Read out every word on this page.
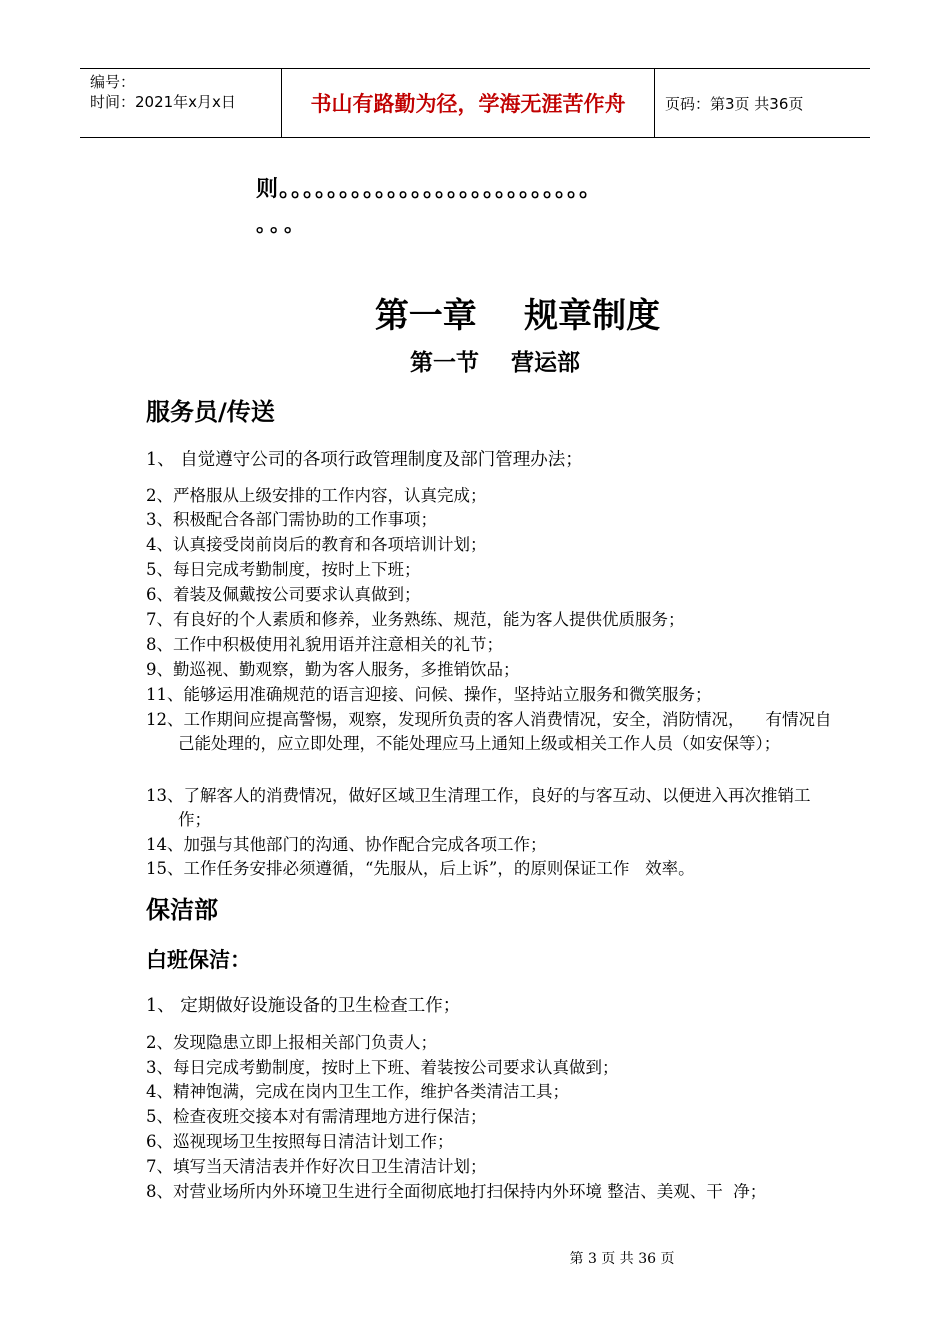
编号：
时间：2021年x月x日	书山有路勤为径，学海无涯苦作舟	页码：第3页 共36页
则。。。。。。。。。。。。。。。。。。。。。。。。。。
。。。
第一章    规章制度
第一节    营运部
服务员/传送
1、 自觉遵守公司的各项行政管理制度及部门管理办法；
2、严格服从上级安排的工作内容，认真完成；
3、积极配合各部门需协助的工作事项；
4、认真接受岗前岗后的教育和各项培训计划；
5、每日完成考勤制度，按时上下班；
6、着装及佩戴按公司要求认真做到；
7、有良好的个人素质和修养，业务熟练、规范，能为客人提供优质服务；
8、工作中积极使用礼貌用语并注意相关的礼节；
9、勤巡视、勤观察，勤为客人服务，多推销饮品；
11、能够运用准确规范的语言迎接、问候、操作，坚持站立服务和微笑服务；
12、工作期间应提高警惕，观察，发现所负责的客人消费情况，安全，消防情况，    有情况自己能处理的，应立即处理，不能处理应马上通知上级或相关工作人员（如安保等）；
13、了解客人的消费情况，做好区域卫生清理工作，良好的与客互动、以便进入再次推销工作；
14、加强与其他部门的沟通、协作配合完成各项工作；
15、工作任务安排必须遵循，“先服从，后上诉”，的原则保证工作   效率。
保洁部
白班保洁：
1、 定期做好设施设备的卫生检查工作；
2、发现隐患立即上报相关部门负责人；
3、每日完成考勤制度，按时上下班、着装按公司要求认真做到；
4、精神饱满，完成在岗内卫生工作，维护各类清洁工具；
5、检查夜班交接本对有需清理地方进行保洁；
6、巡视现场卫生按照每日清洁计划工作；
7、填写当天清洁表并作好次日卫生清洁计划；
8、对营业场所内外环境卫生进行全面彻底地打扫保持内外环境 整洁、美观、干  净；
第 3 页 共 36 页
